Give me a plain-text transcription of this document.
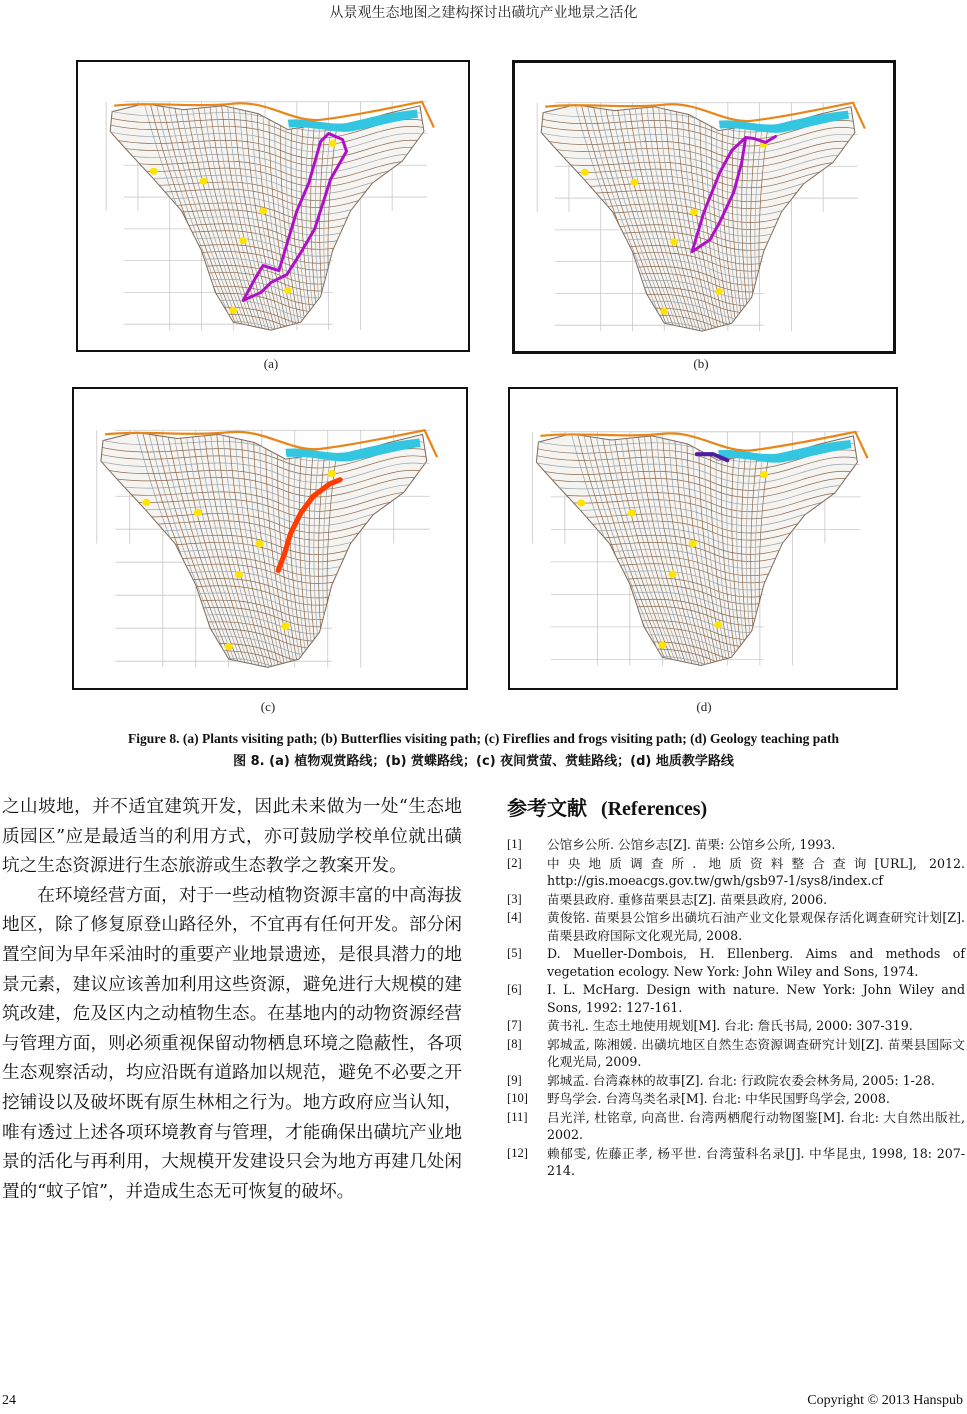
从景观生态地图之建构探讨出磺坑产业地景之活化
(a)	(b)
(c)	(d)
Figure 8. (a) Plants visiting path; (b) Butterflies visiting path; (c) Fireflies and frogs visiting path; (d) Geology teaching path
图 8. (a) 植物观赏路线；(b) 赏蝶路线；(c) 夜间赏萤、赏蛙路线；(d) 地质教学路线

之山坡地，并不适宜建筑开发，因此未来做为一处“生态地质园区”应是最适当的利用方式，亦可鼓励学校单位就出磺坑之生态资源进行生态旅游或生态教学之教案开发。

在环境经营方面，对于一些动植物资源丰富的中高海拔地区，除了修复原登山路径外，不宜再有任何开发。部分闲置空间为早年采油时的重要产业地景遗迹，是很具潜力的地景元素，建议应该善加利用这些资源，避免进行大规模的建筑改建，危及区内之动植物生态。在基地内的动物资源经营与管理方面，则必须重视保留动物栖息环境之隐蔽性，各项生态观察活动，均应沿既有道路加以规范，避免不必要之开挖铺设以及破坏既有原生林相之行为。地方政府应当认知，唯有透过上述各项环境教育与管理，才能确保出磺坑产业地景的活化与再利用，大规模开发建设只会为地方再建几处闲置的“蚊子馆”，并造成生态无可恢复的破坏。

参考文献 (References)
[1]	公馆乡公所. 公馆乡志[Z]. 苗栗: 公馆乡公所, 1993.
[2]	中央地质调查所. 地质资料整合查询[URL], 2012. http://gis.moeacgs.gov.tw/gwh/gsb97-1/sys8/index.cf
[3]	苗栗县政府. 重修苗栗县志[Z]. 苗栗县政府, 2006.
[4]	黄俊铭. 苗栗县公馆乡出磺坑石油产业文化景观保存活化调查研究计划[Z]. 苗栗县政府国际文化观光局, 2008.
[5]	D. Mueller-Dombois, H. Ellenberg. Aims and methods of vegetation ecology. New York: John Wiley and Sons, 1974.
[6]	I. L. McHarg. Design with nature. New York: John Wiley and Sons, 1992: 127-161.
[7]	黄书礼. 生态土地使用规划[M]. 台北: 詹氏书局, 2000: 307-319.
[8]	郭城孟, 陈湘媛. 出磺坑地区自然生态资源调查研究计划[Z]. 苗栗县国际文化观光局, 2009.
[9]	郭城孟. 台湾森林的故事[Z]. 台北: 行政院农委会林务局, 2005: 1-28.
[10]	野鸟学会. 台湾鸟类名录[M]. 台北: 中华民国野鸟学会, 2008.
[11]	吕光洋, 杜铭章, 向高世. 台湾两栖爬行动物图鉴[M]. 台北: 大自然出版社, 2002.
[12]	赖郁雯, 佐藤正孝, 杨平世. 台湾萤科名录[J]. 中华昆虫, 1998, 18: 207-214.
24	Copyright © 2013 Hanspub
